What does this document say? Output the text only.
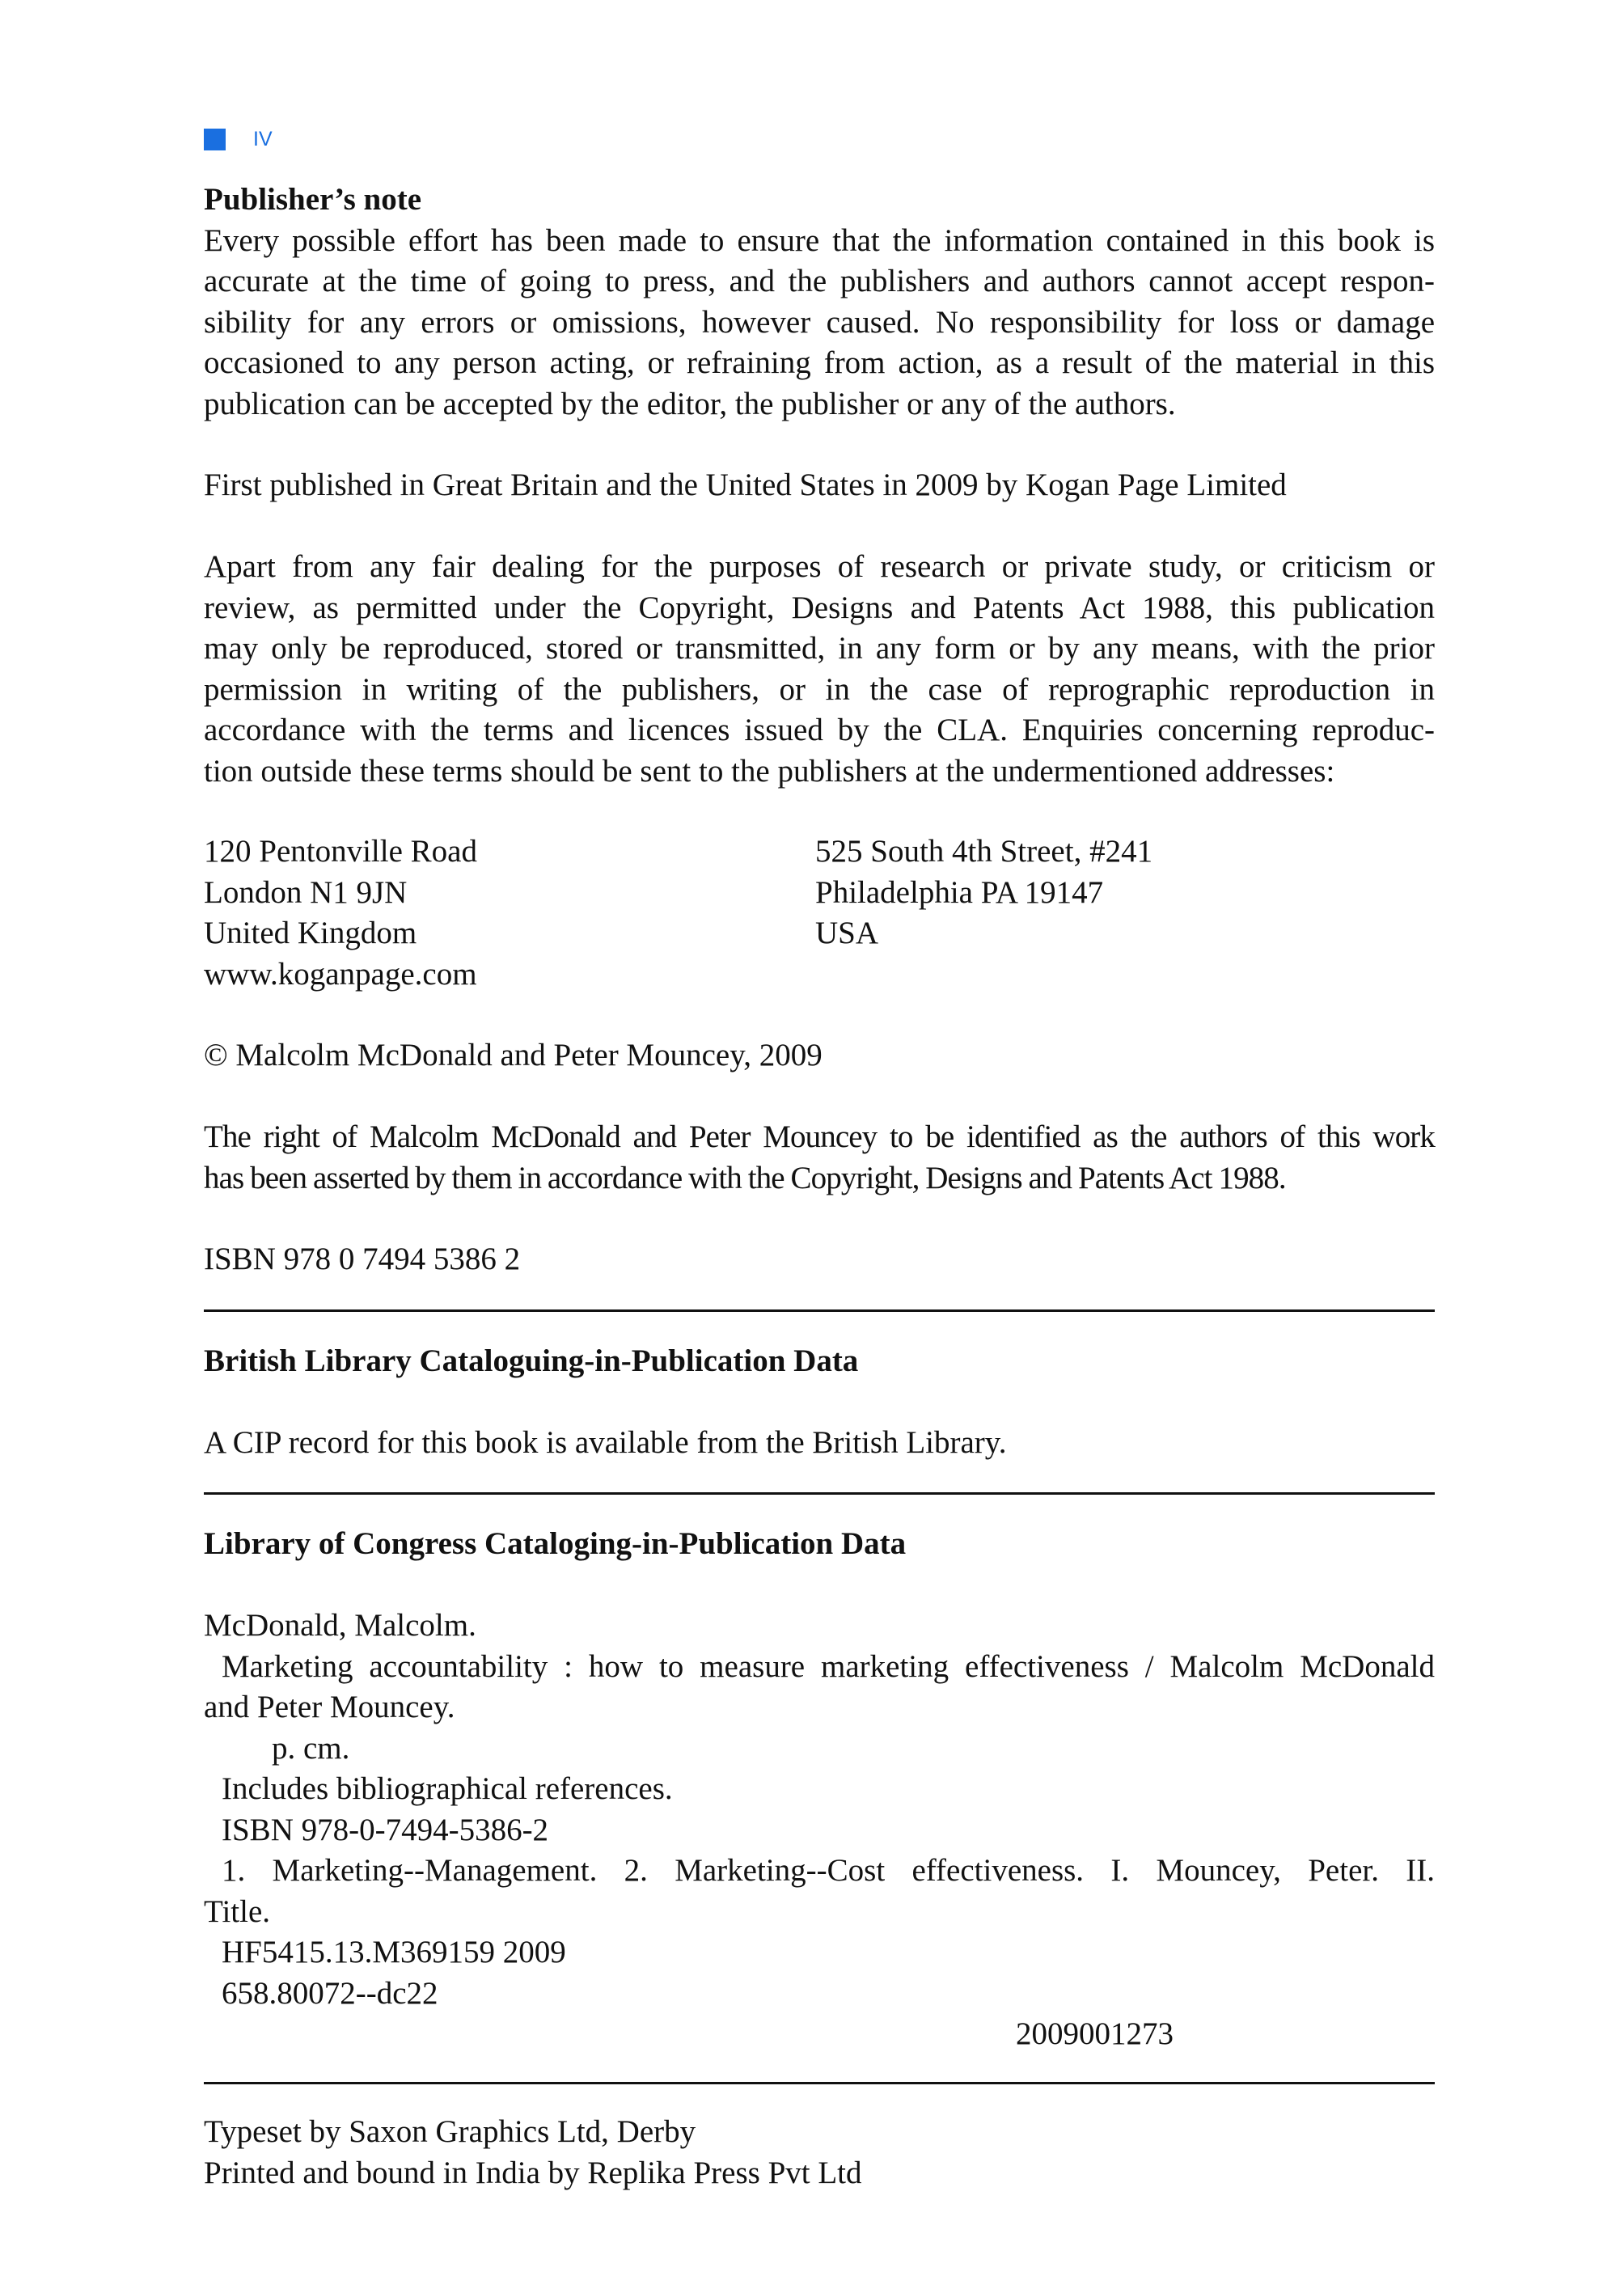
IV
Publisher’s note
Every possible effort has been made to ensure that the information contained in this book is
accurate at the time of going to press, and the publishers and authors cannot accept respon-
sibility for any errors or omissions, however caused. No responsibility for loss or damage
occasioned to any person acting, or refraining from action, as a result of the material in this
publication can be accepted by the editor, the publisher or any of the authors.
First published in Great Britain and the United States in 2009 by Kogan Page Limited
Apart from any fair dealing for the purposes of research or private study, or criticism or
review, as permitted under the Copyright, Designs and Patents Act 1988, this publication
may only be reproduced, stored or transmitted, in any form or by any means, with the prior
permission in writing of the publishers, or in the case of reprographic reproduction in
accordance with the terms and licences issued by the CLA. Enquiries concerning reproduc-
tion outside these terms should be sent to the publishers at the undermentioned addresses:
120 Pentonville Road
London N1 9JN
United Kingdom
www.koganpage.com
525 South 4th Street, #241
Philadelphia PA 19147
USA
© Malcolm McDonald and Peter Mouncey, 2009
The right of Malcolm McDonald and Peter Mouncey to be identified as the authors of this work
has been asserted by them in accordance with the Copyright, Designs and Patents Act 1988.
ISBN 978 0 7494 5386 2
British Library Cataloguing-in-Publication Data
A CIP record for this book is available from the British Library.
Library of Congress Cataloging-in-Publication Data
McDonald, Malcolm.
Marketing accountability : how to measure marketing effectiveness / Malcolm McDonald
and Peter Mouncey.
p. cm.
Includes bibliographical references.
ISBN 978-0-7494-5386-2
1. Marketing--Management. 2. Marketing--Cost effectiveness. I. Mouncey, Peter. II.
Title.
HF5415.13.M369159 2009
658.80072--dc22
2009001273
Typeset by Saxon Graphics Ltd, Derby
Printed and bound in India by Replika Press Pvt Ltd
